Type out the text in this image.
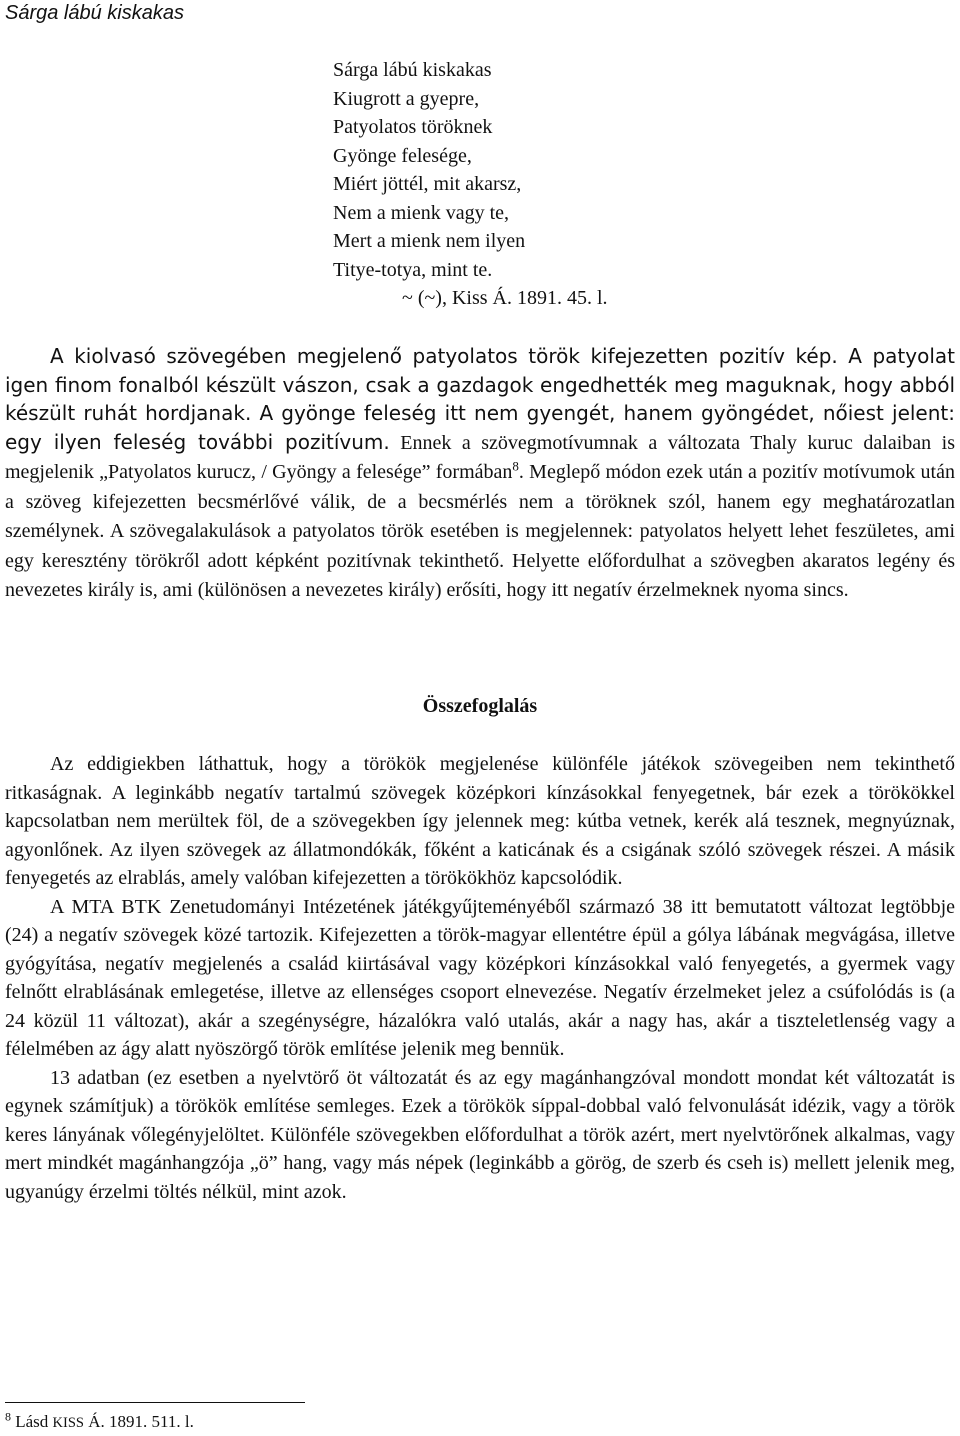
Sárga lábú kiskakas
Sárga lábú kiskakas
Kiugrott a gyepre,
Patyolatos töröknek
Gyönge felesége,
Miért jöttél, mit akarsz,
Nem a mienk vagy te,
Mert a mienk nem ilyen
Titye-totya, mint te.
~ (~), Kiss Á. 1891. 45. l.
A kiolvasó szövegében megjelenő patyolatos török kifejezetten pozitív kép. A patyolat igen finom fonalból készült vászon, csak a gazdagok engedhették meg maguknak, hogy abból készült ruhát hordjanak. A gyönge feleség itt nem gyengét, hanem gyöngédet, nőiest jelent: egy ilyen feleség további pozitívum. Ennek a szövegmotívumnak a változata Thaly kuruc dalaiban is megjelenik „Patyolatos kurucz, / Gyöngy a felesége” formában$^8$. Meglepő módon ezek után a pozitív motívumok után a szöveg kifejezetten becsmérlővé válik, de a becsmérlés nem a töröknek szól, hanem egy meghatározatlan személynek. A szövegalakulások a patyolatos török esetében is megjelennek: patyolatos helyett lehet feszületes, ami egy keresztény törökről adott képként pozitívnak tekinthető. Helyette előfordulhat a szövegben akaratos legény és nevezetes király is, ami (különösen a nevezetes király) erősíti, hogy itt negatív érzelmeknek nyoma sincs.
Összefoglalás
Az eddigiekben láthattuk, hogy a törökök megjelenése különféle játékok szövegeiben nem tekinthető ritkaságnak. A leginkább negatív tartalmú szövegek középkori kínzásokkal fenyegetnek, bár ezek a törökökkel kapcsolatban nem merültek föl, de a szövegekben így jelennek meg: kútba vetnek, kerék alá tesznek, megnyúznak, agyonlőnek. Az ilyen szövegek az állatmondókák, főként a katicának és a csigának szóló szövegek részei. A másik fenyegetés az elrablás, amely valóban kifejezetten a törökökhöz kapcsolódik.
A MTA BTK Zenetudományi Intézetének játékgyűjteményéből származó 38 itt bemutatott változat legtöbbje (24) a negatív szövegek közé tartozik. Kifejezetten a török-magyar ellentétre épül a gólya lábának megvágása, illetve gyógyítása, negatív megjelenés a család kiirtásával vagy középkori kínzásokkal való fenyegetés, a gyermek vagy felnőtt elrablásának emlegetése, illetve az ellenséges csoport elnevezése. Negatív érzelmeket jelez a csúfolódás is (a 24 közül 11 változat), akár a szegénységre, házalókra való utalás, akár a nagy has, akár a tiszteletlenség vagy a félelmében az ágy alatt nyöszörgő török említése jelenik meg bennük.
13 adatban (ez esetben a nyelvtörő öt változatát és az egy magánhangzóval mondott mondat két változatát is egynek számítjuk) a törökök említése semleges. Ezek a törökök síppal-dobbal való felvonulását idézik, vagy a török keres lányának vőlegényjelöltet. Különféle szövegekben előfordulhat a török azért, mert nyelvtörőnek alkalmas, vagy mert mindkét magánhangzója „ö” hang, vagy más népek (leginkább a görög, de szerb és cseh is) mellett jelenik meg, ugyanúgy érzelmi töltés nélkül, mint azok.
$^8$ Lásd KISS Á. 1891. 511. l.
